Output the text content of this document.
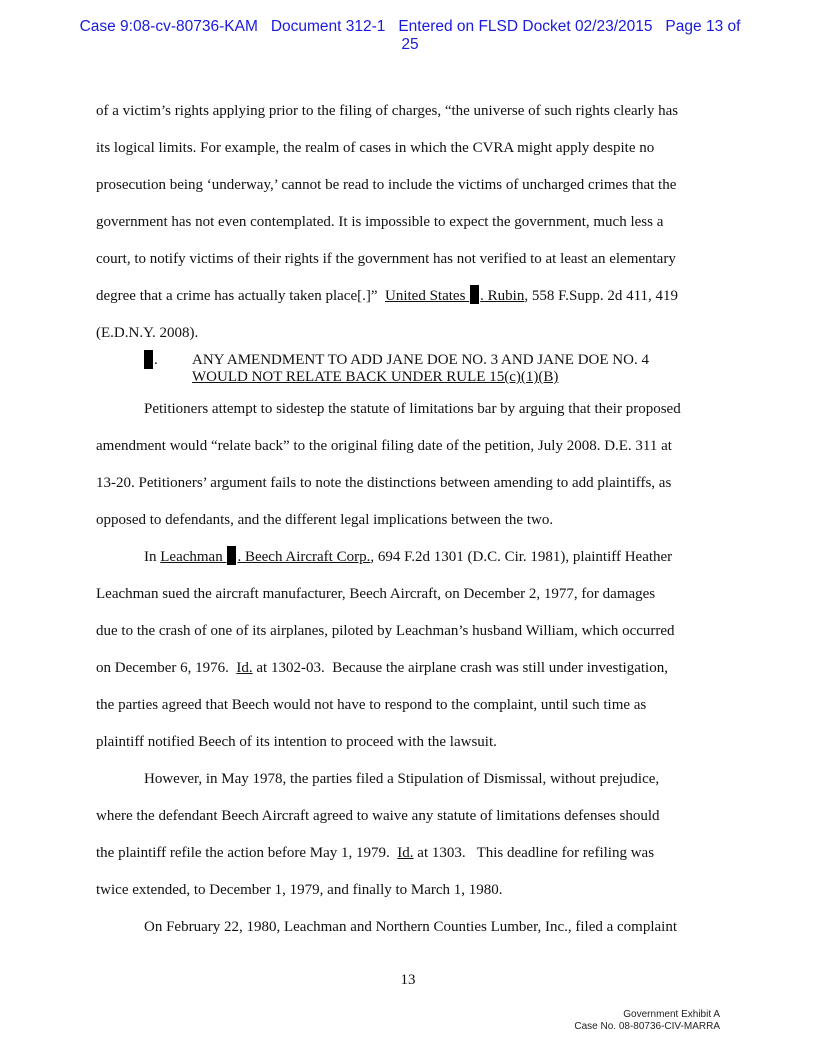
Case 9:08-cv-80736-KAM   Document 312-1   Entered on FLSD Docket 02/23/2015   Page 13 of
25
of a victim’s rights applying prior to the filing of charges, “the universe of such rights clearly has
its logical limits. For example, the realm of cases in which the CVRA might apply despite no
prosecution being ‘underway,’ cannot be read to include the victims of uncharged crimes that the
government has not even contemplated. It is impossible to expect the government, much less a
court, to notify victims of their rights if the government has not verified to at least an elementary
degree that a crime has actually taken place[.]”  United States . Rubin, 558 F.Supp. 2d 411, 419
(E.D.N.Y. 2008).
. ANY AMENDMENT TO ADD JANE DOE NO. 3 AND JANE DOE NO. 4
WOULD NOT RELATE BACK UNDER RULE 15(c)(1)(B)
Petitioners attempt to sidestep the statute of limitations bar by arguing that their proposed
amendment would “relate back” to the original filing date of the petition, July 2008. D.E. 311 at
13-20. Petitioners’ argument fails to note the distinctions between amending to add plaintiffs, as
opposed to defendants, and the different legal implications between the two.
In Leachman . Beech Aircraft Corp., 694 F.2d 1301 (D.C. Cir. 1981), plaintiff Heather
Leachman sued the aircraft manufacturer, Beech Aircraft, on December 2, 1977, for damages
due to the crash of one of its airplanes, piloted by Leachman’s husband William, which occurred
on December 6, 1976.  Id. at 1302-03.  Because the airplane crash was still under investigation,
the parties agreed that Beech would not have to respond to the complaint, until such time as
plaintiff notified Beech of its intention to proceed with the lawsuit.
However, in May 1978, the parties filed a Stipulation of Dismissal, without prejudice,
where the defendant Beech Aircraft agreed to waive any statute of limitations defenses should
the plaintiff refile the action before May 1, 1979.  Id. at 1303.   This deadline for refiling was
twice extended, to December 1, 1979, and finally to March 1, 1980.
On February 22, 1980, Leachman and Northern Counties Lumber, Inc., filed a complaint
13
Government Exhibit A
Case No. 08-80736-CIV-MARRA
